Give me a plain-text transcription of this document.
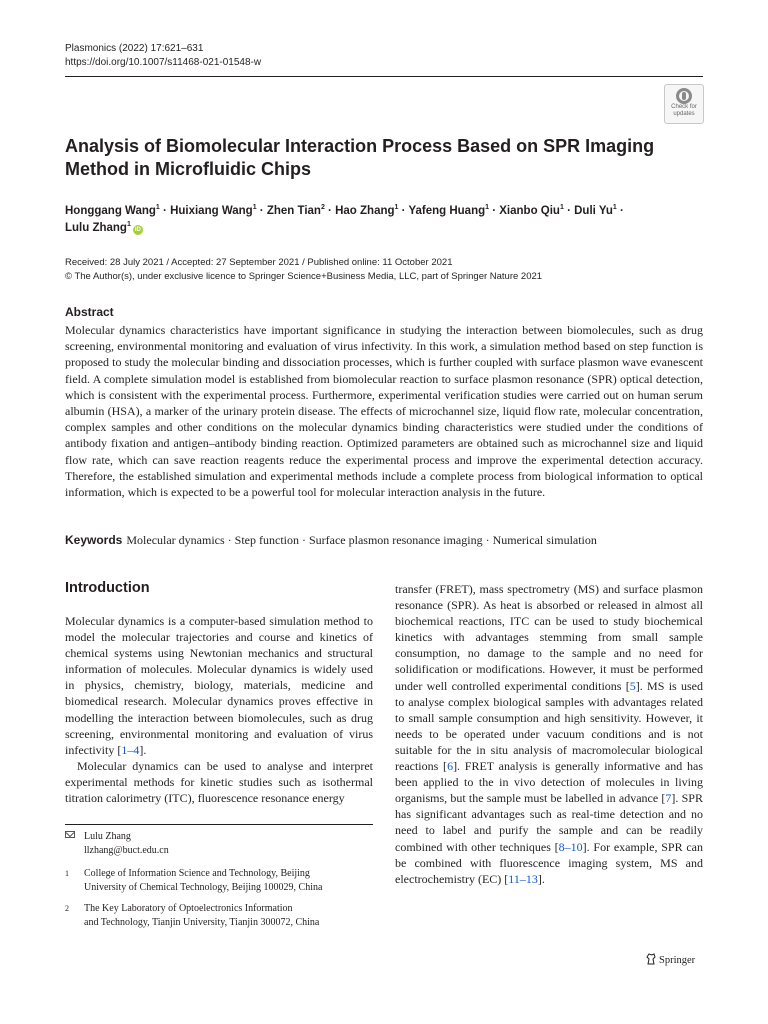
Plasmonics (2022) 17:621–631
https://doi.org/10.1007/s11468-021-01548-w
Check for
updates
Analysis of Biomolecular Interaction Process Based on SPR Imaging Method in Microfluidic Chips
Honggang Wang$^1$ · Huixiang Wang$^1$ · Zhen Tian$^2$ · Hao Zhang$^1$ · Yafeng Huang$^1$ · Xianbo Qiu$^1$ · Duli $Yu^1$ ·
Lulu Zhang$^1$iD
Received: 28 July 2021 / Accepted: 27 September 2021 / Published online: 11 October 2021
© The Author(s), under exclusive licence to Springer Science+Business Media, LLC, part of Springer Nature 2021
Abstract
Molecular dynamics characteristics have important significance in studying the interaction between biomolecules, such as drug screening, environmental monitoring and evaluation of virus infectivity. In this work, a simulation method based on step function is proposed to study the molecular binding and dissociation processes, which is further coupled with surface plasmon wave evanescent field. A complete simulation model is established from biomolecular reaction to surface plasmon resonance (SPR) optical detection, which is consistent with the experimental process. Furthermore, experimental verification studies were carried out on human serum albumin (HSA), a marker of the urinary protein disease. The effects of microchannel size, liquid flow rate, molecular concentration, complex samples and other conditions on the molecular dynamics binding characteristics were studied under the conditions of antibody fixation and antigen–antibody binding reaction. Optimized parameters are obtained such as microchannel size and liquid flow rate, which can save reaction reagents reduce the experimental process and improve the experimental detection accuracy. Therefore, the established simulation and experimental methods include a complete process from biological information to optical information, which is expected to be a powerful tool for molecular interaction analysis in the future.
Keywords Molecular dynamics · Step function · Surface plasmon resonance imaging · Numerical simulation
Introduction

Molecular dynamics is a computer-based simulation method to model the molecular trajectories and course and kinetics of chemical systems using Newtonian mechanics and structural information of molecules. Molecular dynamics is widely used in physics, chemistry, biology, materials, medicine and biomedical research. Molecular dynamics proves effective in modelling the interaction between biomolecules, such as drug screening, environmental monitoring and evaluation of virus infectivity [1–4].

Molecular dynamics can be used to analyse and interpret experimental methods for kinetic studies such as isothermal titration calorimetry (ITC), fluorescence resonance energy

transfer (FRET), mass spectrometry (MS) and surface plasmon resonance (SPR). As heat is absorbed or released in almost all biochemical reactions, ITC can be used to study biochemical kinetics with advantages stemming from small sample consumption, no damage to the sample and no need for solidification or modifications. However, it must be performed under well controlled experimental conditions [5]. MS is used to analyse complex biological samples with advantages related to small sample consumption and high sensitivity. However, it needs to be operated under vacuum conditions and is not suitable for the in situ analysis of macromolecular biological reactions [6]. FRET analysis is generally informative and has been applied to the in vivo detection of molecules in living organisms, but the sample must be labelled in advance [7]. SPR has significant advantages such as real-time detection and no need to label and purify the sample and can be readily combined with other techniques [8–10]. For example, SPR can be combined with fluorescence imaging system, MS and electrochemistry (EC) [11–13].

Lulu Zhang
llzhang@buct.edu.cn
1 College of Information Science and Technology, Beijing
University of Chemical Technology, Beijing 100029, China
2 The Key Laboratory of Optoelectronics Information
and Technology, Tianjin University, Tianjin 300072, China
Springer
